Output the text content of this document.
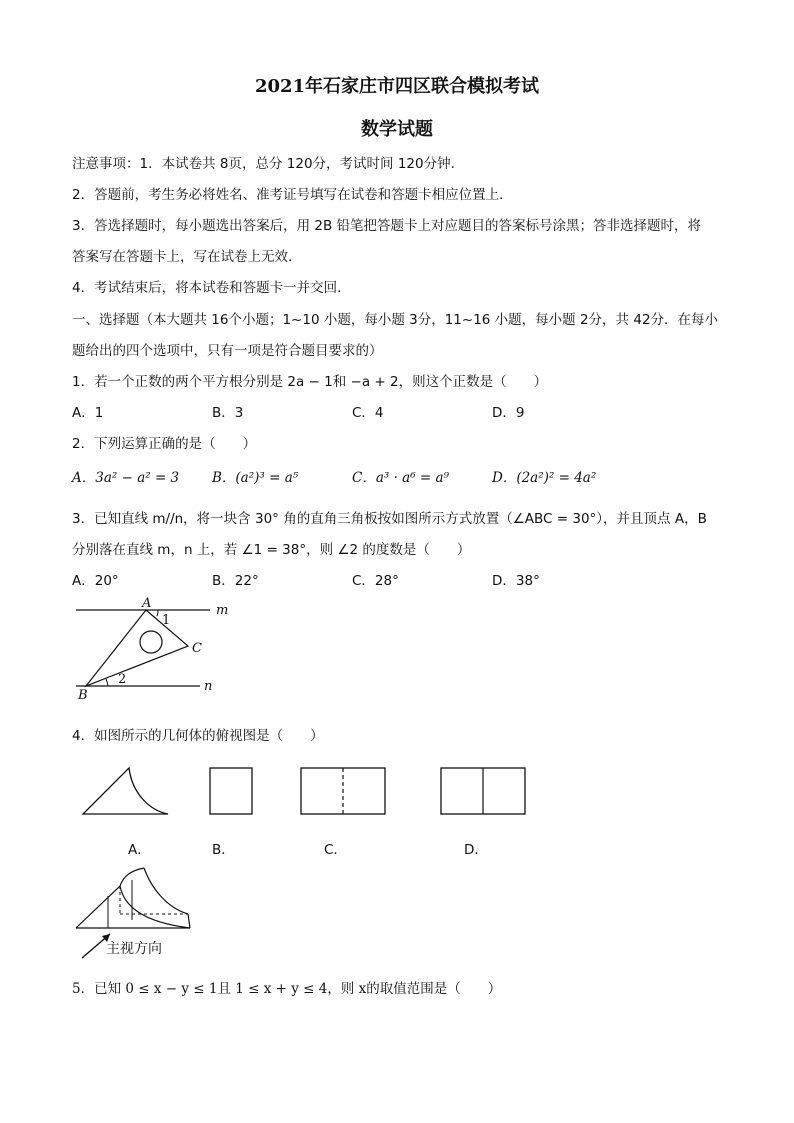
2021年石家庄市四区联合模拟考试
数学试题
注意事项：1．本试卷共 8页，总分 120分，考试时间 120分钟．
2．答题前，考生务必将姓名、准考证号填写在试卷和答题卡相应位置上．
3．答选择题时，每小题选出答案后，用 2B 铅笔把答题卡上对应题目的答案标号涂黑；答非选择题时，将
答案写在答题卡上，写在试卷上无效．
4．考试结束后，将本试卷和答题卡一并交回．
一、选择题（本大题共 16个小题；1~10 小题，每小题 3分，11~16 小题，每小题 2分，共 42分．在每小
题给出的四个选项中，只有一项是符合题目要求的）
1．若一个正数的两个平方根分别是 2a − 1和 −a + 2，则这个正数是（　　）
A．1	B．3	C．4	D．9
2．下列运算正确的是（　　）
A．3a² − a² = 3 B．(a²)³ = a⁵	C．a³ · a⁶ = a⁹	D．(2a²)² = 4a²
3．已知直线 m//n，将一块含 30° 角的直角三角板按如图所示方式放置（∠ABC = 30°），并且顶点 A，B
分别落在直线 m，n 上，若 ∠1 = 38°，则 ∠2 的度数是（　　）
A．20°	B．22°	C．28°	D．38°
A
B
C
m
n
1
2
4．如图所示的几何体的俯视图是（　　）
A．	B．	C．	D．
主视方向
5．已知 0 ≤ x − y ≤ 1且 1 ≤ x + y ≤ 4，则 x的取值范围是（　　）
